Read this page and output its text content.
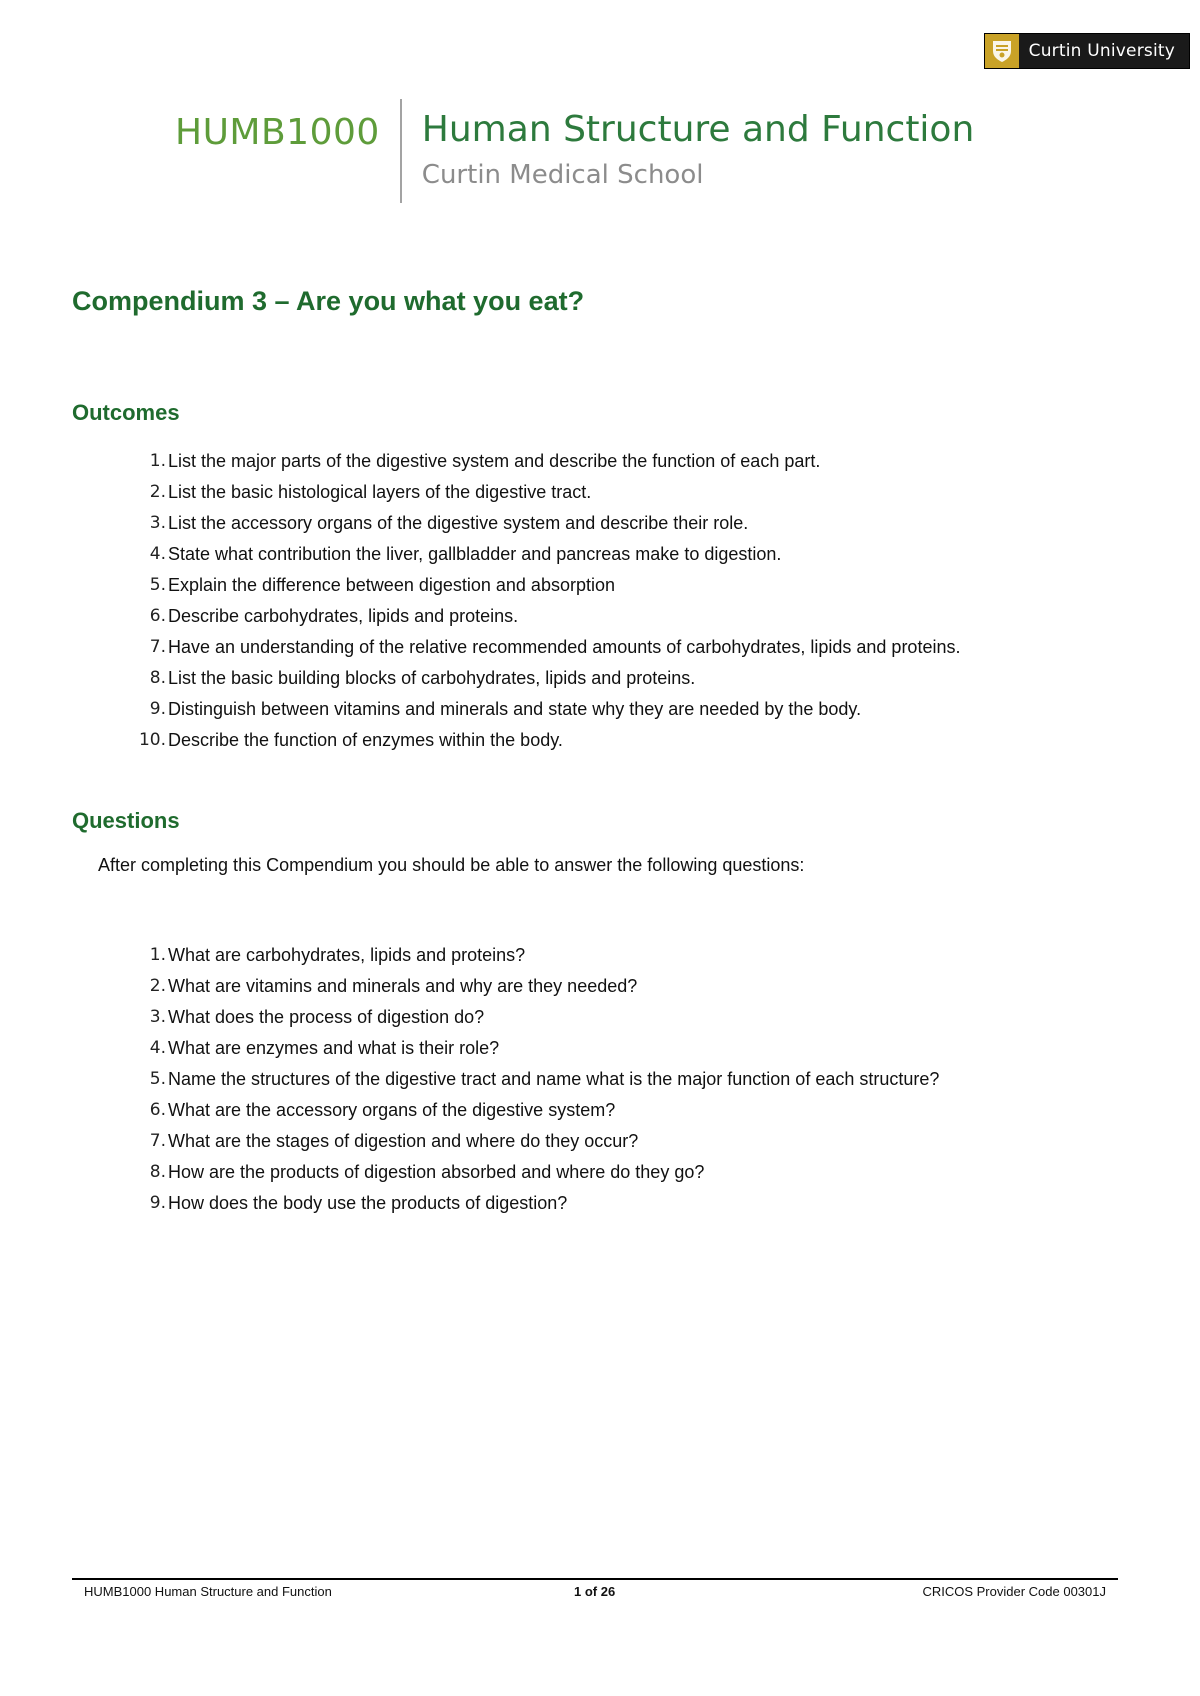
Curtin University
HUMB1000	Human Structure and Function
Curtin Medical School
Compendium 3 – Are you what you eat?
Outcomes
1. List the major parts of the digestive system and describe the function of each part.
2. List the basic histological layers of the digestive tract.
3. List the accessory organs of the digestive system and describe their role.
4. State what contribution the liver, gallbladder and pancreas make to digestion.
5. Explain the difference between digestion and absorption
6. Describe carbohydrates, lipids and proteins.
7. Have an understanding of the relative recommended amounts of carbohydrates, lipids and proteins.
8. List the basic building blocks of carbohydrates, lipids and proteins.
9. Distinguish between vitamins and minerals and state why they are needed by the body.
10. Describe the function of enzymes within the body.
Questions

After completing this Compendium you should be able to answer the following questions:

1. What are carbohydrates, lipids and proteins?
2. What are vitamins and minerals and why are they needed?
3. What does the process of digestion do?
4. What are enzymes and what is their role?
5. Name the structures of the digestive tract and name what is the major function of each structure?
6. What are the accessory organs of the digestive system?
7. What are the stages of digestion and where do they occur?
8. How are the products of digestion absorbed and where do they go?
9. How does the body use the products of digestion?
HUMB1000 Human Structure and Function	1 of 26	CRICOS Provider Code 00301J
